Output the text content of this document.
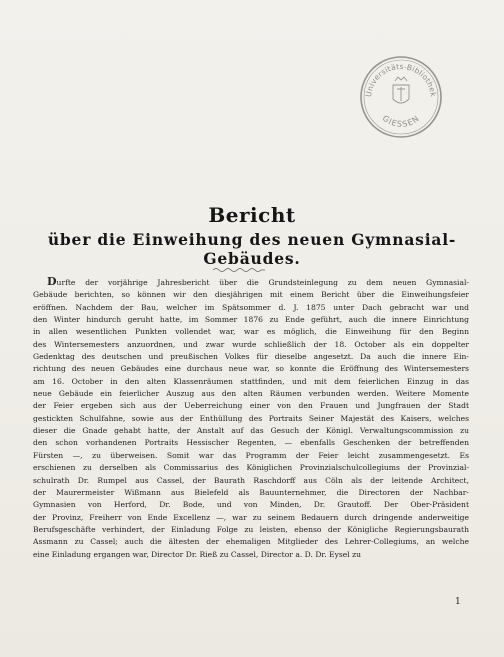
Universitäts-Bibliothek
GIESSEN
Bericht
über die Einweihung des neuen Gymnasial-Gebäudes.
Durfte der vorjährige Jahresbericht über die Grundsteinlegung zu dem neuen Gymnasial-
Gebäude berichten, so können wir den diesjährigen mit einem Bericht über die Einweihungsfeier
eröffnen. Nachdem der Bau, welcher im Spätsommer d. J. 1875 unter Dach gebracht war und
den Winter hindurch geruht hatte, im Sommer 1876 zu Ende geführt, auch die innere Einrichtung
in allen wesentlichen Punkten vollendet war, war es möglich, die Einweihung für den Beginn
des Wintersemesters anzuordnen, und zwar wurde schließlich der 18. October als ein doppelter
Gedenktag des deutschen und preußischen Volkes für dieselbe angesetzt. Da auch die innere Ein-
richtung des neuen Gebäudes eine durchaus neue war, so konnte die Eröffnung des Wintersemesters
am 16. October in den alten Klassenräumen stattfinden, und mit dem feierlichen Einzug in das
neue Gebäude ein feierlicher Auszug aus den alten Räumen verbunden werden. Weitere Momente
der Feier ergeben sich aus der Ueberreichung einer von den Frauen und Jungfrauen der Stadt
gestickten Schulfahne, sowie aus der Enthüllung des Portraits Seiner Majestät des Kaisers, welches
dieser die Gnade gehabt hatte, der Anstalt auf das Gesuch der Königl. Verwaltungscommission zu
den schon vorhandenen Portraits Hessischer Regenten, — ebenfalls Geschenken der betreffenden
Fürsten —, zu überweisen. Somit war das Programm der Feier leicht zusammengesetzt. Es
erschienen zu derselben als Commissarius des Königlichen Provinzialschulcollegiums der Provinzial-
schulrath Dr. Rumpel aus Cassel, der Baurath Raschdorff aus Cöln als der leitende Architect,
der Maurermeister Wißmann aus Bielefeld als Bauunternehmer, die Directoren der Nachbar-
Gymnasien von Herford, Dr. Bode, und von Minden, Dr. Grautoff. Der Ober-Präsident
der Provinz, Freiherr von Ende Excellenz —, war zu seinem Bedauern durch dringende anderweitige
Berufsgeschäfte verhindert, der Einladung Folge zu leisten, ebenso der Königliche Regierungsbaurath
Assmann zu Cassel; auch die ältesten der ehemaligen Mitglieder des Lehrer-Collegiums, an welche
eine Einladung ergangen war, Director Dr. Rieß zu Cassel, Director a. D. Dr. Eysel zu
1
